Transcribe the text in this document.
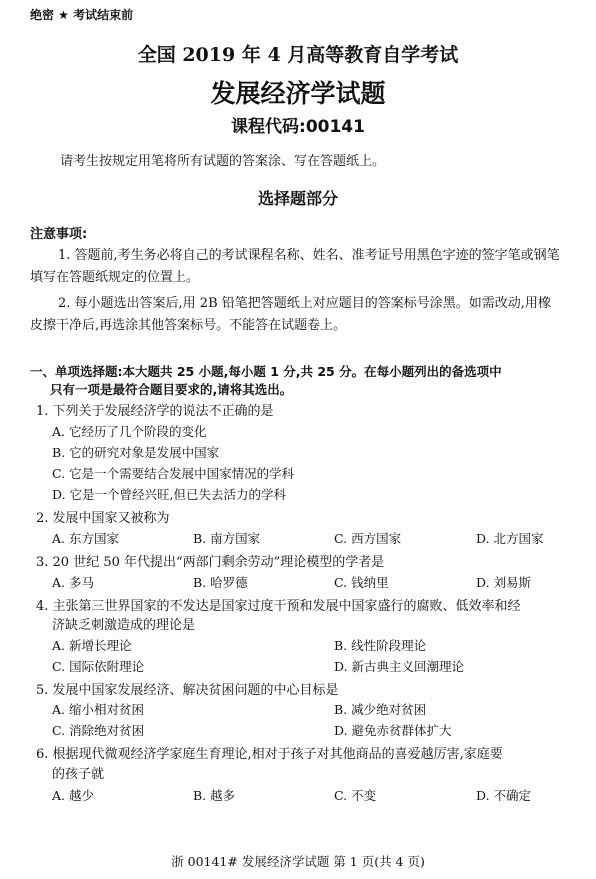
绝密 ★ 考试结束前
全国 2019 年 4 月高等教育自学考试
发展经济学试题
课程代码:00141
请考生按规定用笔将所有试题的答案涂、写在答题纸上。
选择题部分
注意事项:
1. 答题前,考生务必将自己的考试课程名称、姓名、准考证号用黑色字迹的签字笔或钢笔
填写在答题纸规定的位置上。
2. 每小题选出答案后,用 2B 铅笔把答题纸上对应题目的答案标号涂黑。如需改动,用橡
皮擦干净后,再选涂其他答案标号。不能答在试题卷上。
一、单项选择题:本大题共 25 小题,每小题 1 分,共 25 分。在每小题列出的备选项中
只有一项是最符合题目要求的,请将其选出。
1. 下列关于发展经济学的说法不正确的是
A. 它经历了几个阶段的变化
B. 它的研究对象是发展中国家
C. 它是一个需要结合发展中国家情况的学科
D. 它是一个曾经兴旺,但已失去活力的学科
2. 发展中国家又被称为
A. 东方国家	B. 南方国家	C. 西方国家	D. 北方国家
3. 20 世纪 50 年代提出“两部门剩余劳动”理论模型的学者是
A. 多马	B. 哈罗德	C. 钱纳里	D. 刘易斯
4. 主张第三世界国家的不发达是国家过度干预和发展中国家盛行的腐败、低效率和经
济缺乏刺激造成的理论是
A. 新增长理论	B. 线性阶段理论
C. 国际依附理论	D. 新古典主义回潮理论
5. 发展中国家发展经济、解决贫困问题的中心目标是
A. 缩小相对贫困	B. 减少绝对贫困
C. 消除绝对贫困	D. 避免赤贫群体扩大
6. 根据现代微观经济学家庭生育理论,相对于孩子对其他商品的喜爱越厉害,家庭要
的孩子就
A. 越少	B. 越多	C. 不变	D. 不确定
浙 00141# 发展经济学试题 第 1 页(共 4 页)
